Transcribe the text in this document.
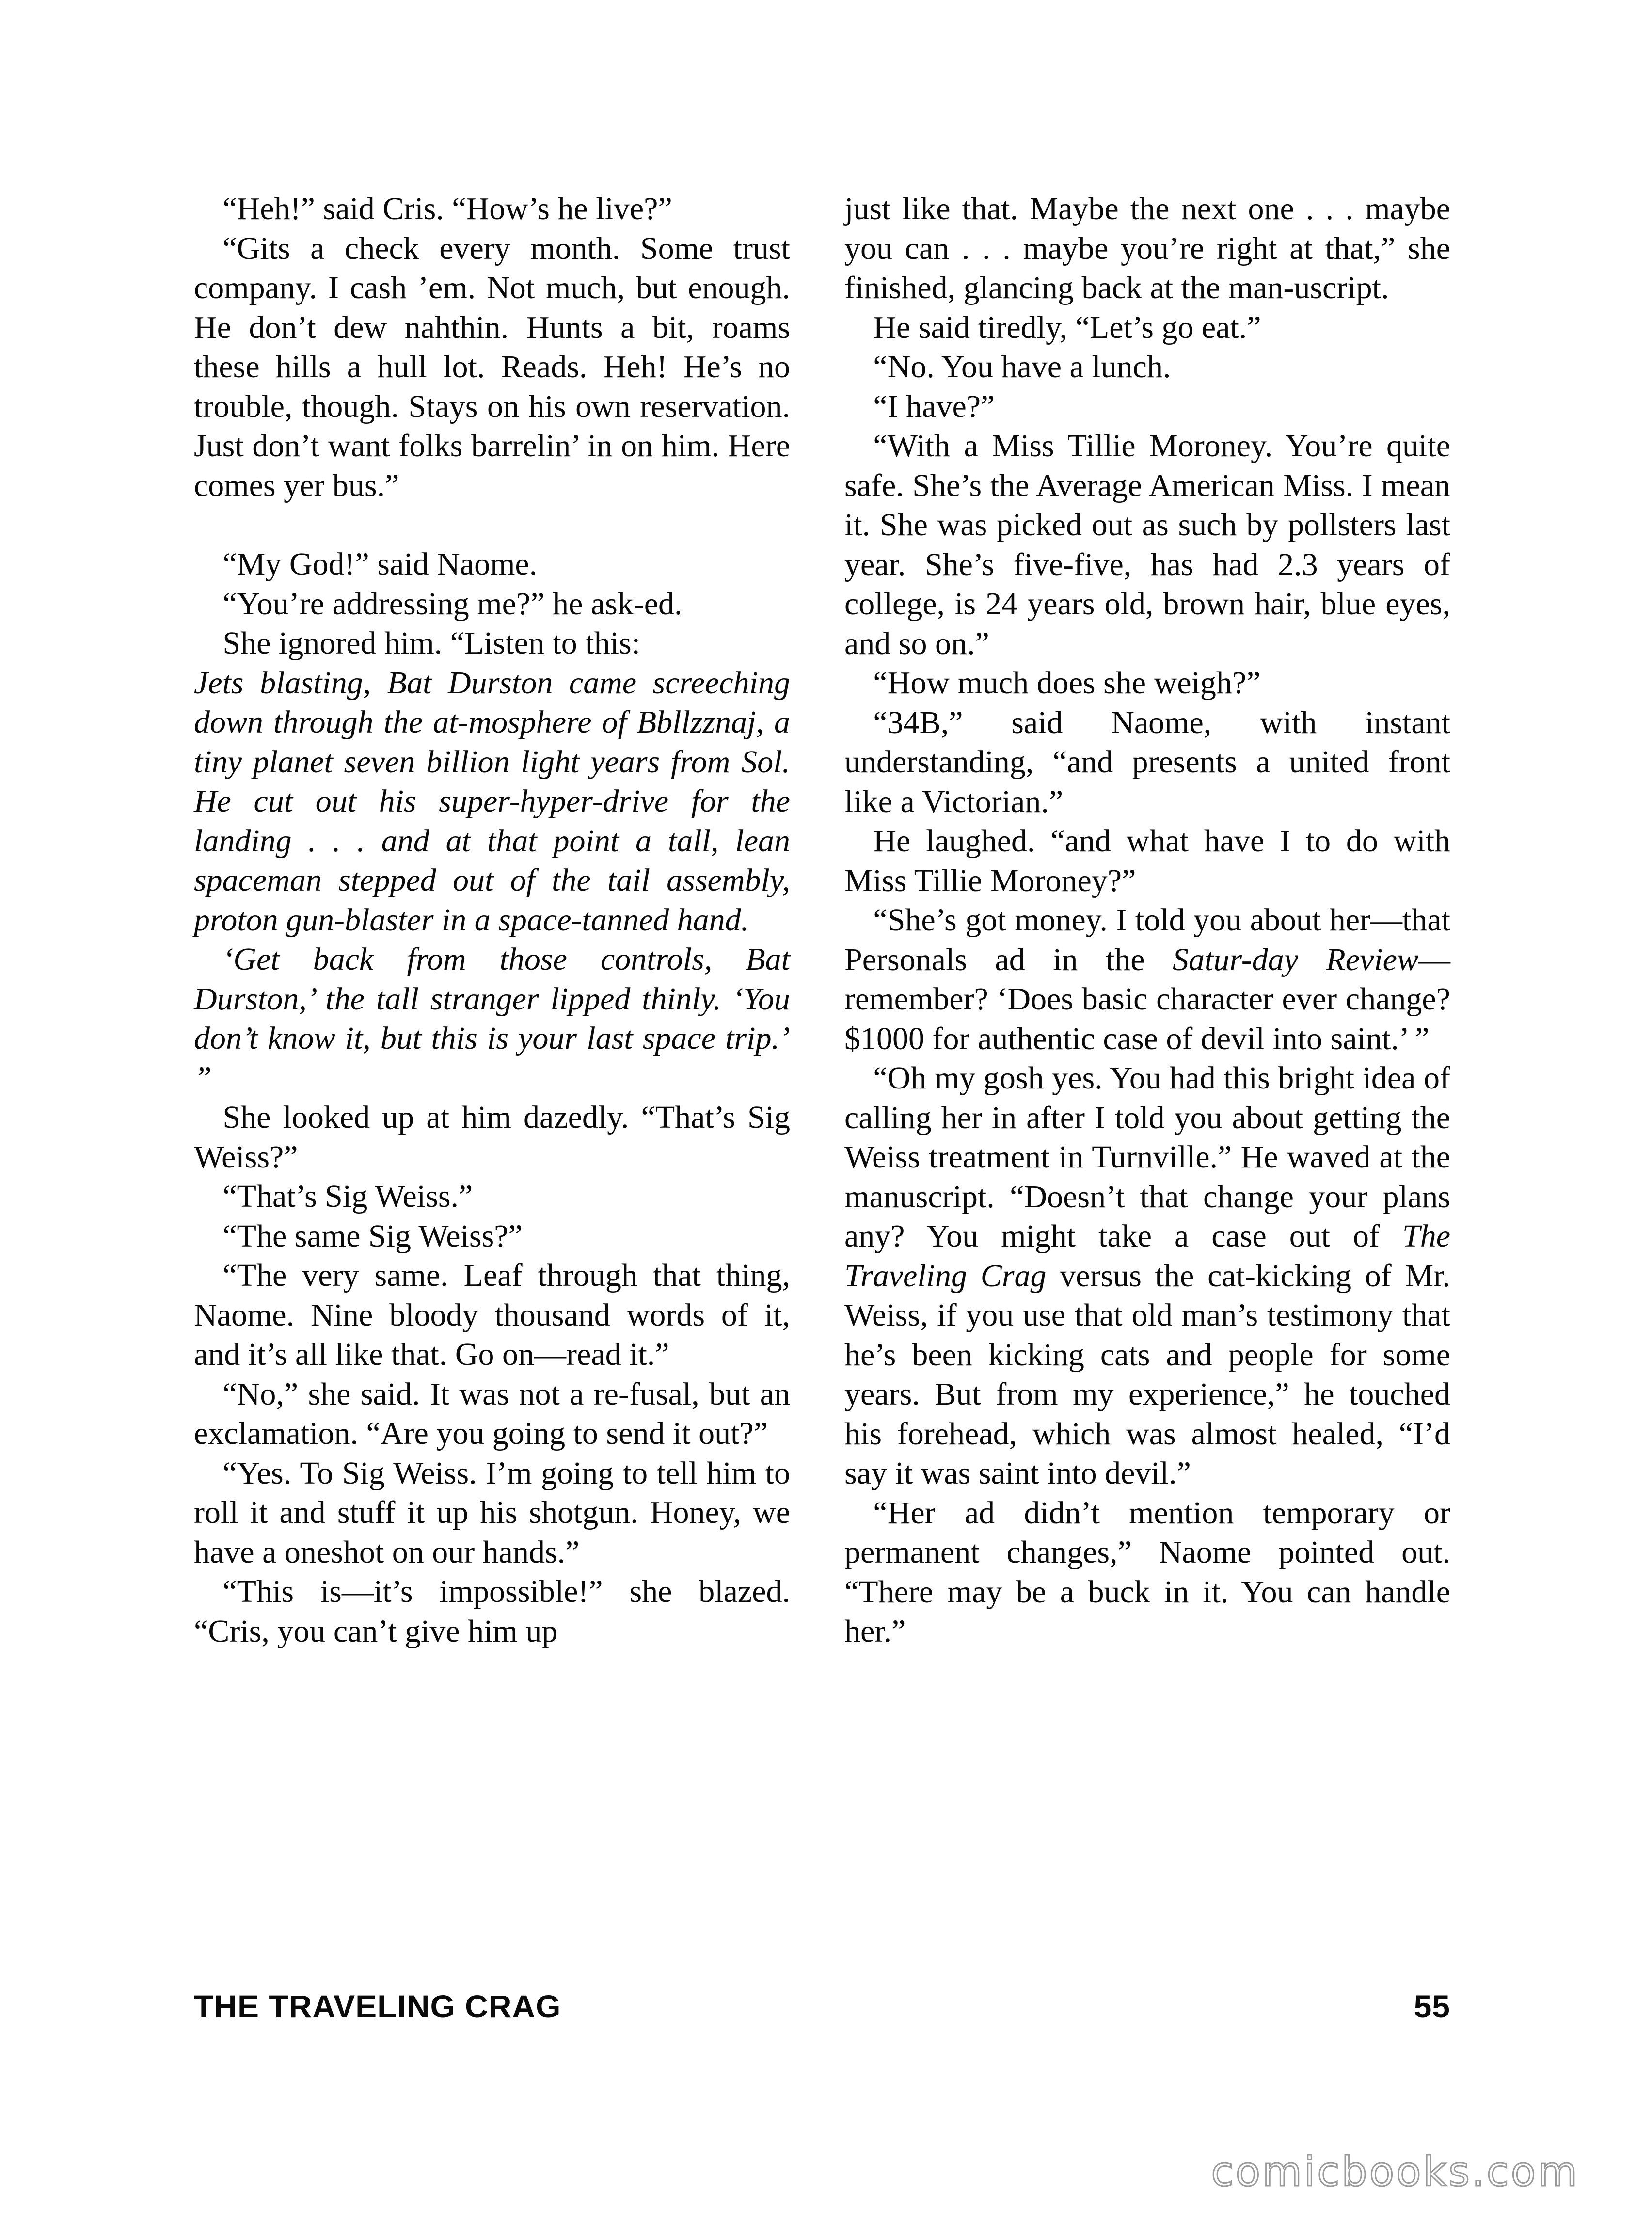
“Heh!” said Cris. “How’s he live?”

“Gits a check every month. Some trust company. I cash ’em. Not much, but enough. He don’t dew nahthin. Hunts a bit, roams these hills a hull lot. Reads. Heh! He’s no trouble, though. Stays on his own reservation. Just don’t want folks barrelin’ in on him. Here comes yer bus.”

“My God!” said Naome.

“You’re addressing me?” he ask-ed.

She ignored him. “Listen to this:

Jets blasting, Bat Durston came screeching down through the at-mosphere of Bbllzznaj, a tiny planet seven billion light years from Sol. He cut out his super-hyper-drive for the landing . . . and at that point a tall, lean spaceman stepped out of the tail assembly, proton gun-blaster in a space-tanned hand.

‘Get back from those controls, Bat Durston,’ the tall stranger lipped thinly. ‘You don’t know it, but this is your last space trip.’ ”

She looked up at him dazedly. “That’s Sig Weiss?”

“That’s Sig Weiss.”

“The same Sig Weiss?”

“The very same. Leaf through that thing, Naome. Nine bloody thousand words of it, and it’s all like that. Go on—read it.”

“No,” she said. It was not a re-fusal, but an exclamation. “Are you going to send it out?”

“Yes. To Sig Weiss. I’m going to tell him to roll it and stuff it up his shotgun. Honey, we have a oneshot on our hands.”

“This is—it’s impossible!” she blazed. “Cris, you can’t give him up

just like that. Maybe the next one . . . maybe you can . . . maybe you’re right at that,” she finished, glancing back at the man-uscript.

He said tiredly, “Let’s go eat.”

“No. You have a lunch.

“I have?”

“With a Miss Tillie Moroney. You’re quite safe. She’s the Average American Miss. I mean it. She was picked out as such by pollsters last year. She’s five-five, has had 2.3 years of college, is 24 years old, brown hair, blue eyes, and so on.”

“How much does she weigh?”

“34B,” said Naome, with instant understanding, “and presents a united front like a Victorian.”

He laughed. “and what have I to do with Miss Tillie Moroney?”

“She’s got money. I told you about her—that Personals ad in the Satur-day Review—remember? ‘Does basic character ever change? $1000 for authentic case of devil into saint.’ ”

“Oh my gosh yes. You had this bright idea of calling her in after I told you about getting the Weiss treatment in Turnville.” He waved at the manuscript. “Doesn’t that change your plans any? You might take a case out of The Traveling Crag versus the cat-kicking of Mr. Weiss, if you use that old man’s testimony that he’s been kicking cats and people for some years. But from my experience,” he touched his forehead, which was almost healed, “I’d say it was saint into devil.”

“Her ad didn’t mention temporary or permanent changes,” Naome pointed out. “There may be a buck in it. You can handle her.”

THE TRAVELING CRAG	55
comicbooks.com
